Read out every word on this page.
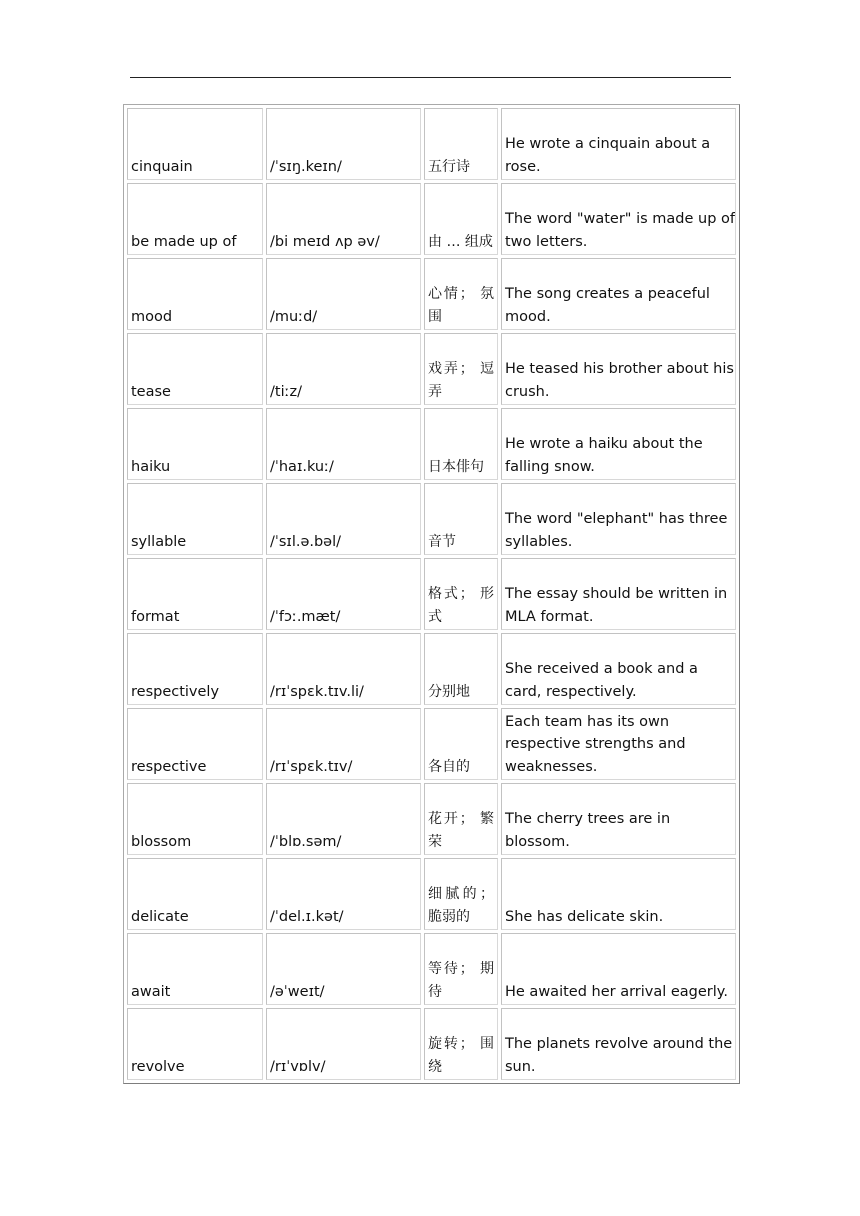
cinquain	/ˈsɪŋ.keɪn/	五行诗	He wrote a cinquain about a rose.
be made up of	/bi meɪd ʌp əv/	由 … 组成	The word "water" is made up of two letters.
mood	/muːd/	心情； 氛围	The song creates a peaceful mood.
tease	/tiːz/	戏弄； 逗弄	He teased his brother about his crush.
haiku	/ˈhaɪ.kuː/	日本俳句	He wrote a haiku about the falling snow.
syllable	/ˈsɪl.ə.bəl/	音节	The word "elephant" has three syllables.
format	/ˈfɔː.mæt/	格式； 形式	The essay should be written in MLA format.
respectively	/rɪˈspɛk.tɪv.li/	分别地	She received a book and a card, respectively.
respective	/rɪˈspɛk.tɪv/	各自的	Each team has its own respective strengths and weaknesses.
blossom	/ˈblɒ.səm/	花开； 繁荣	The cherry trees are in blossom.
delicate	/ˈdel.ɪ.kət/	细腻的； 脆弱的	She has delicate skin.
await	/əˈweɪt/	等待； 期待	He awaited her arrival eagerly.
revolve	/rɪˈvɒlv/	旋转； 围绕	The planets revolve around the sun.
